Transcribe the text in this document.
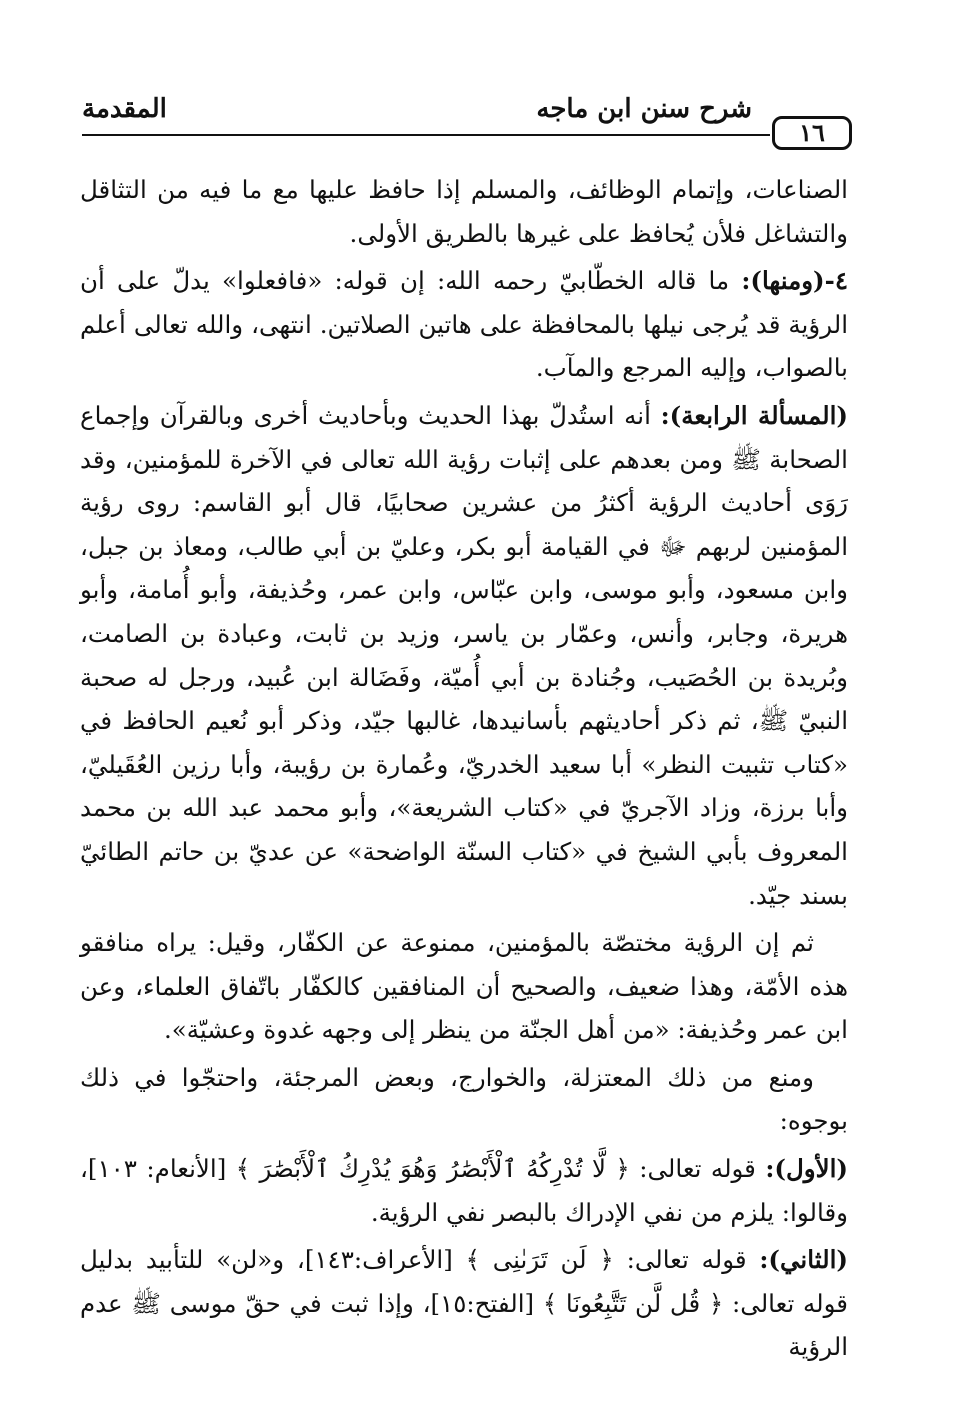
شرح سنن ابن ماجه
المقدمة
١٦

الصناعات، وإتمام الوظائف، والمسلم إذا حافظ عليها مع ما فيه من التثاقل والتشاغل فلأن يُحافظ على غيرها بالطريق الأولى.

٤-(ومنها): ما قاله الخطّابيّ رحمه الله: إن قوله: «فافعلوا» يدلّ على أن الرؤية قد يُرجى نيلها بالمحافظة على هاتين الصلاتين. انتهى، والله تعالى أعلم بالصواب، وإليه المرجع والمآب.

(المسألة الرابعة): أنه استُدلّ بهذا الحديث وبأحاديث أخرى وبالقرآن وإجماع الصحابة ﷺ ومن بعدهم على إثبات رؤية الله تعالى في الآخرة للمؤمنين، وقد رَوَى أحاديث الرؤية أكثرُ من عشرين صحابيًا، قال أبو القاسم: روى رؤية المؤمنين لربهم ﷻ في القيامة أبو بكر، وعليّ بن أبي طالب، ومعاذ بن جبل، وابن مسعود، وأبو موسى، وابن عبّاس، وابن عمر، وحُذيفة، وأبو أُمامة، وأبو هريرة، وجابر، وأنس، وعمّار بن ياسر، وزيد بن ثابت، وعبادة بن الصامت، وبُريدة بن الحُصَيب، وجُنادة بن أبي أُميّة، وفَضَالة ابن عُبيد، ورجل له صحبة النبيّ ﷺ، ثم ذكر أحاديثهم بأسانيدها، غالبها جيّد، وذكر أبو نُعيم الحافظ في «كتاب تثبيت النظر» أبا سعيد الخدريّ، وعُمارة بن رؤيبة، وأبا رزين العُقَيليّ، وأبا برزة، وزاد الآجريّ في «كتاب الشريعة»، وأبو محمد عبد الله بن محمد المعروف بأبي الشيخ في «كتاب السنّة الواضحة» عن عديّ بن حاتم الطائيّ بسند جيّد.

ثم إن الرؤية مختصّة بالمؤمنين، ممنوعة عن الكفّار، وقيل: يراه منافقو هذه الأمّة، وهذا ضعيف، والصحيح أن المنافقين كالكفّار باتّفاق العلماء، وعن ابن عمر وحُذيفة: «من أهل الجنّة من ينظر إلى وجهه غدوة وعشيّة».

ومنع من ذلك المعتزلة، والخوارج، وبعض المرجئة، واحتجّوا في ذلك بوجوه:

(الأول): قوله تعالى: ﴿ لَّا تُدْرِكُهُ ٱلْأَبْصَٰرُ وَهُوَ يُدْرِكُ ٱلْأَبْصَٰرَ ﴾ [الأنعام: ١٠٣]، وقالوا: يلزم من نفي الإدراك بالبصر نفي الرؤية.

(الثاني): قوله تعالى: ﴿ لَن تَرَىٰنِى ﴾ [الأعراف:١٤٣]، و«لن» للتأبيد بدليل قوله تعالى: ﴿ قُل لَّن تَتَّبِعُونَا ﴾ [الفتح:١٥]، وإذا ثبت في حقّ موسى ﷺ عدم الرؤية
